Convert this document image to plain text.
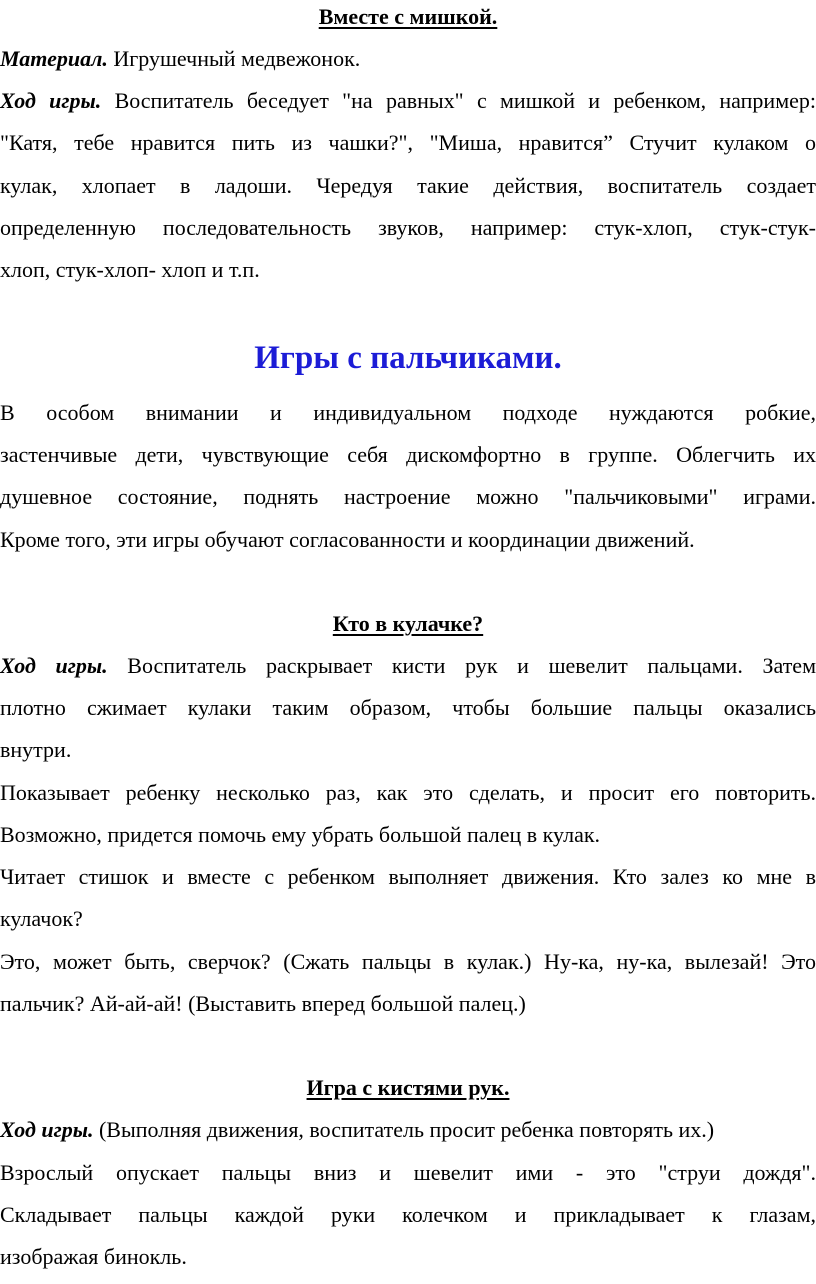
Вместе с мишкой.
Материал. Игрушечный медвежонок.
Ход игры. Воспитатель беседует "на равных" с мишкой и ребенком, например:
"Катя, тебе нравится пить из чашки?", "Миша, нравится” Стучит кулаком о
кулак, хлопает в ладоши. Чередуя такие действия, воспитатель создает
определенную последовательность звуков, например: стук-хлоп, стук-стук-
хлоп, стук-хлоп- хлоп и т.п.
Игры с пальчиками.
В особом внимании и индивидуальном подходе нуждаются робкие,
застенчивые дети, чувствующие себя дискомфортно в группе. Облегчить их
душевное состояние, поднять настроение можно "пальчиковыми" играми.
Кроме того, эти игры обучают согласованности и координации движений.
Кто в кулачке?
Ход игры. Воспитатель раскрывает кисти рук и шевелит пальцами. Затем
плотно сжимает кулаки таким образом, чтобы большие пальцы оказались
внутри.
Показывает ребенку несколько раз, как это сделать, и просит его повторить.
Возможно, придется помочь ему убрать большой палец в кулак.
Читает стишок и вместе с ребенком выполняет движения. Кто залез ко мне в
кулачок?
Это, может быть, сверчок? (Сжать пальцы в кулак.) Ну-ка, ну-ка, вылезай! Это
пальчик? Ай-ай-ай! (Выставить вперед большой палец.)
Игра с кистями рук.
Ход игры. (Выполняя движения, воспитатель просит ребенка повторять их.)
Взрослый опускает пальцы вниз и шевелит ими - это "струи дождя".
Складывает пальцы каждой руки колечком и прикладывает к глазам,
изображая бинокль.
